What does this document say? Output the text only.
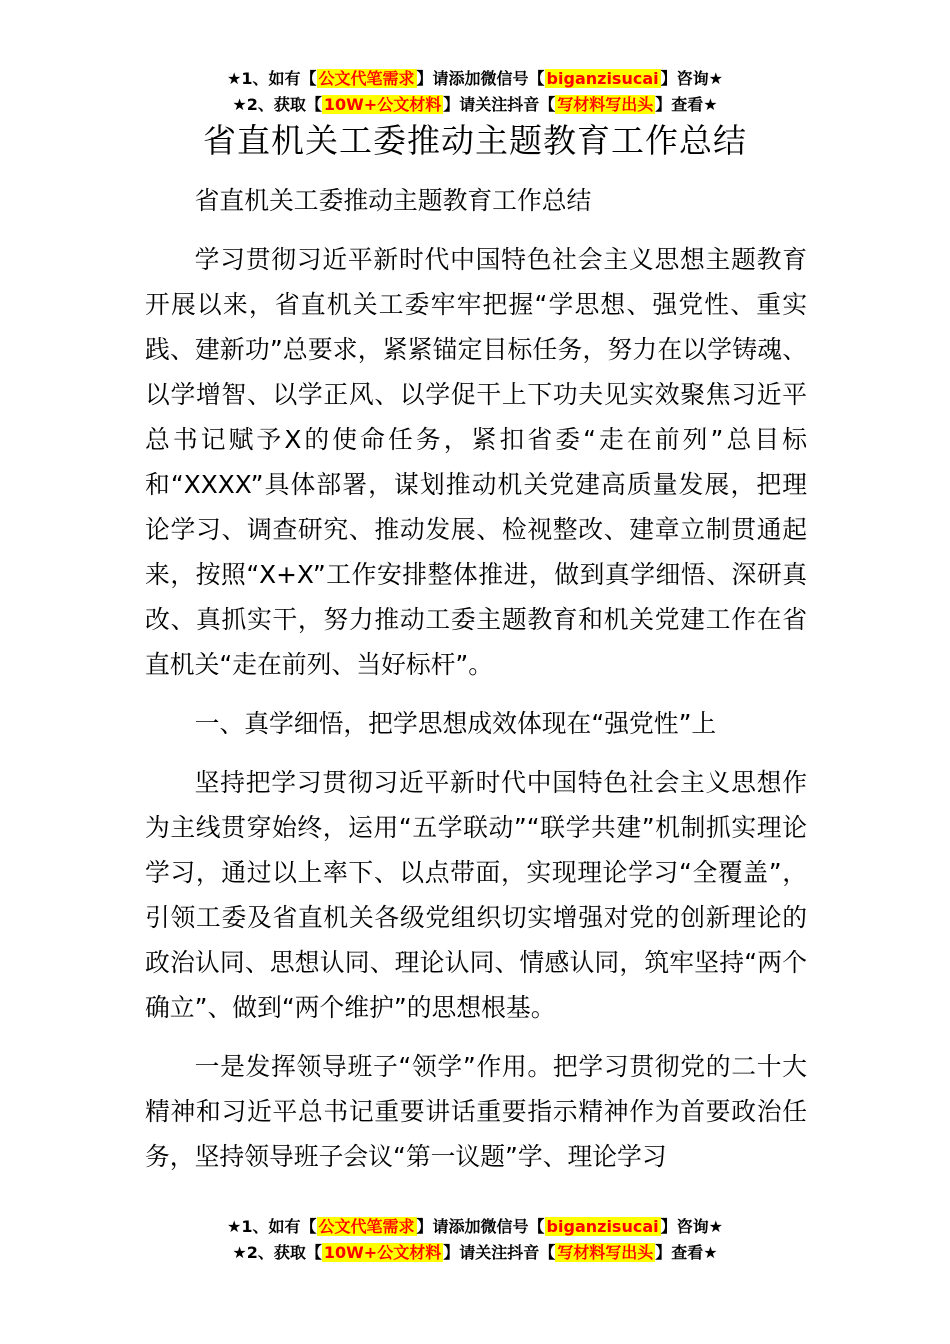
★1、如有【 公文代笔需求 】请添加微信号【 biganzisucai 】咨询★
★2、获取【 10W+公文材料 】请关注抖音【 写材料写出头 】查看★
省直机关工委推动主题教育工作总结

省直机关工委推动主题教育工作总结

学习贯彻习近平新时代中国特色社会主义思想主题教育开展以来，省直机关工委牢牢把握“学思想、强党性、重实践、建新功”总要求，紧紧锚定目标任务，努力在以学铸魂、以学增智、以学正风、以学促干上下功夫见实效聚焦习近平总书记赋予X的使命任务，紧扣省委“走在前列”总目标和“XXXX”具体部署，谋划推动机关党建高质量发展，把理论学习、调查研究、推动发展、检视整改、建章立制贯通起来，按照“X+X”工作安排整体推进，做到真学细悟、深研真改、真抓实干，努力推动工委主题教育和机关党建工作在省直机关“走在前列、当好标杆”。

一、真学细悟，把学思想成效体现在“强党性”上

坚持把学习贯彻习近平新时代中国特色社会主义思想作为主线贯穿始终，运用“五学联动”“联学共建”机制抓实理论学习，通过以上率下、以点带面，实现理论学习“全覆盖”，引领工委及省直机关各级党组织切实增强对党的创新理论的政治认同、思想认同、理论认同、情感认同，筑牢坚持“两个确立”、做到“两个维护”的思想根基。

一是发挥领导班子“领学”作用。把学习贯彻党的二十大精神和习近平总书记重要讲话重要指示精神作为首要政治任务，坚持领导班子会议“第一议题”学、理论学习

★1、如有【 公文代笔需求 】请添加微信号【 biganzisucai 】咨询★
★2、获取【 10W+公文材料 】请关注抖音【 写材料写出头 】查看★
